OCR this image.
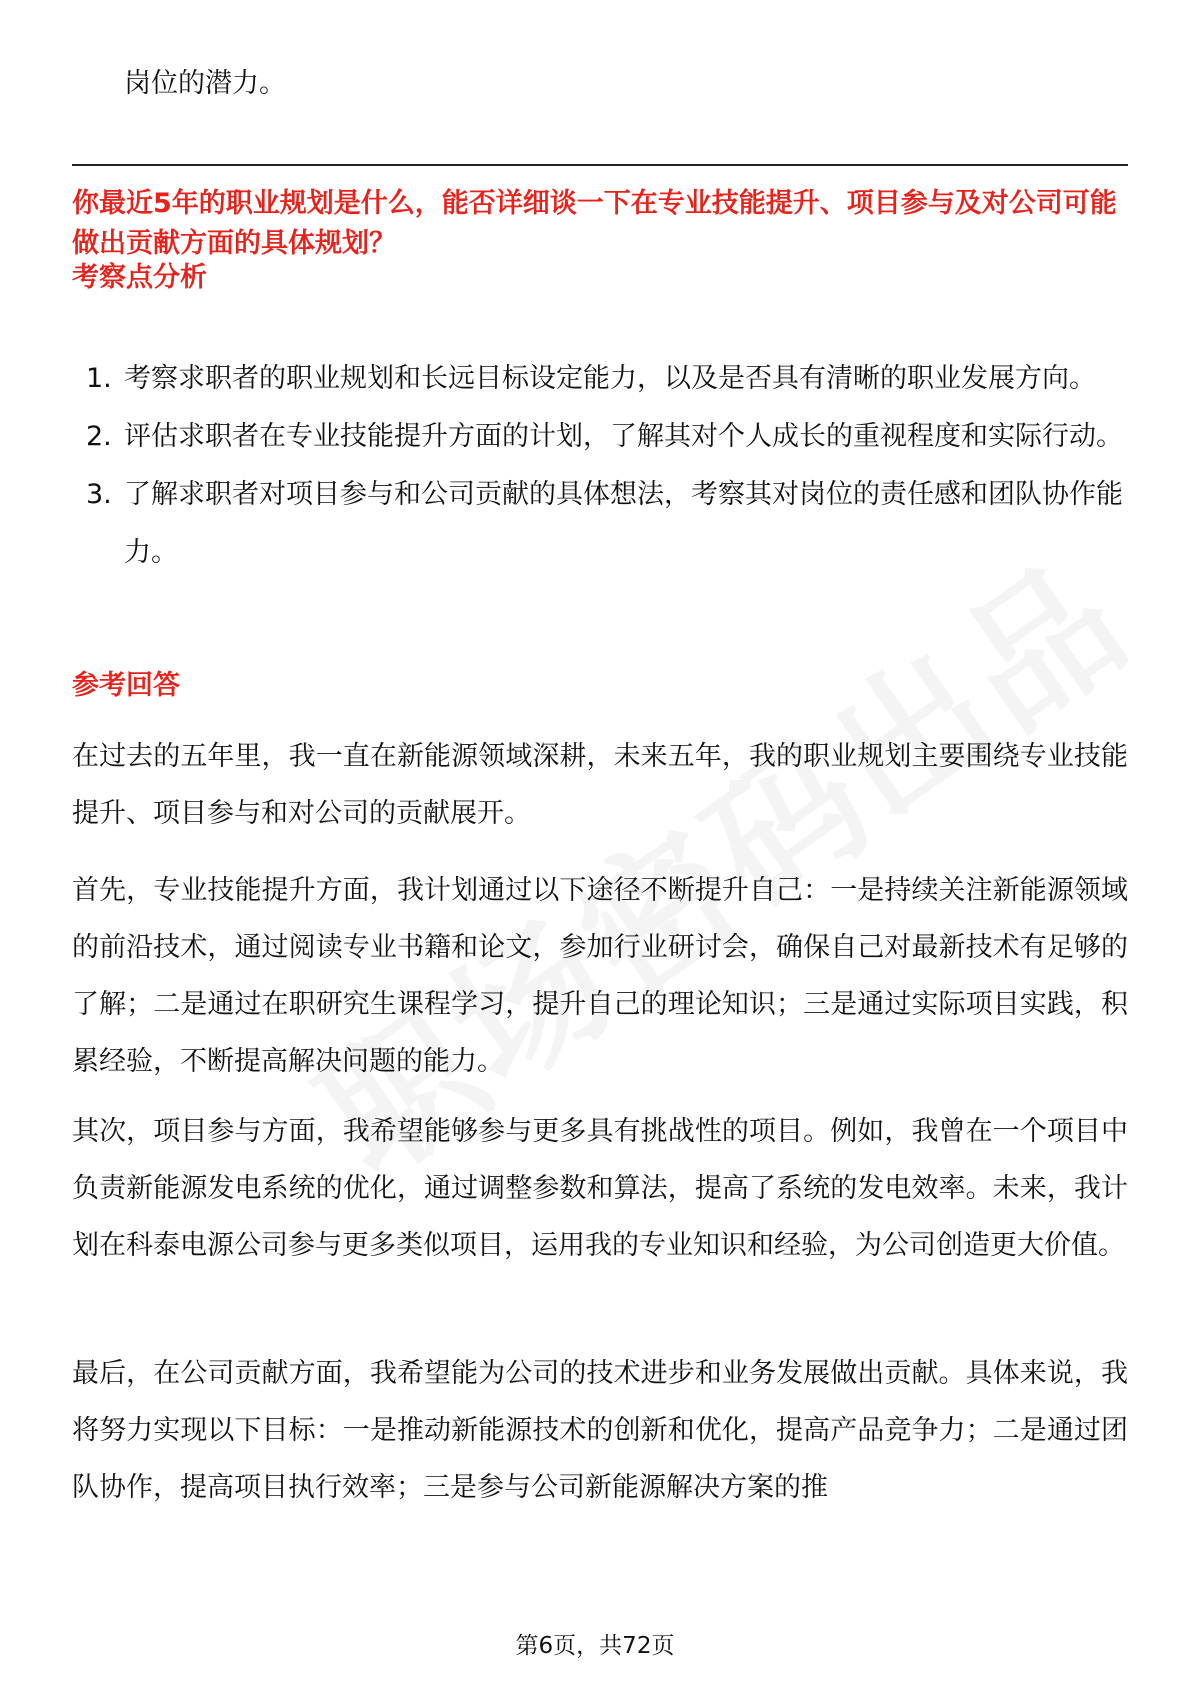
岗位的潜力。

你最近5年的职业规划是什么，能否详细谈一下在专业技能提升、项目参与及对公司可能做出贡献方面的具体规划？

考察点分析

1. 考察求职者的职业规划和长远目标设定能力，以及是否具有清晰的职业发展方向。
2. 评估求职者在专业技能提升方面的计划，了解其对个人成长的重视程度和实际行动。
3. 了解求职者对项目参与和公司贡献的具体想法，考察其对岗位的责任感和团队协作能力。

参考回答

在过去的五年里，我一直在新能源领域深耕，未来五年，我的职业规划主要围绕专业技能提升、项目参与和对公司的贡献展开。

首先，专业技能提升方面，我计划通过以下途径不断提升自己：一是持续关注新能源领域的前沿技术，通过阅读专业书籍和论文，参加行业研讨会，确保自己对最新技术有足够的了解；二是通过在职研究生课程学习，提升自己的理论知识；三是通过实际项目实践，积累经验，不断提高解决问题的能力。

其次，项目参与方面，我希望能够参与更多具有挑战性的项目。例如，我曾在一个项目中负责新能源发电系统的优化，通过调整参数和算法，提高了系统的发电效率。未来，我计划在科泰电源公司参与更多类似项目，运用我的专业知识和经验，为公司创造更大价值。

最后，在公司贡献方面，我希望能为公司的技术进步和业务发展做出贡献。具体来说，我将努力实现以下目标：一是推动新能源技术的创新和优化，提高产品竞争力；二是通过团队协作，提高项目执行效率；三是参与公司新能源解决方案的推

第6页，共72页
